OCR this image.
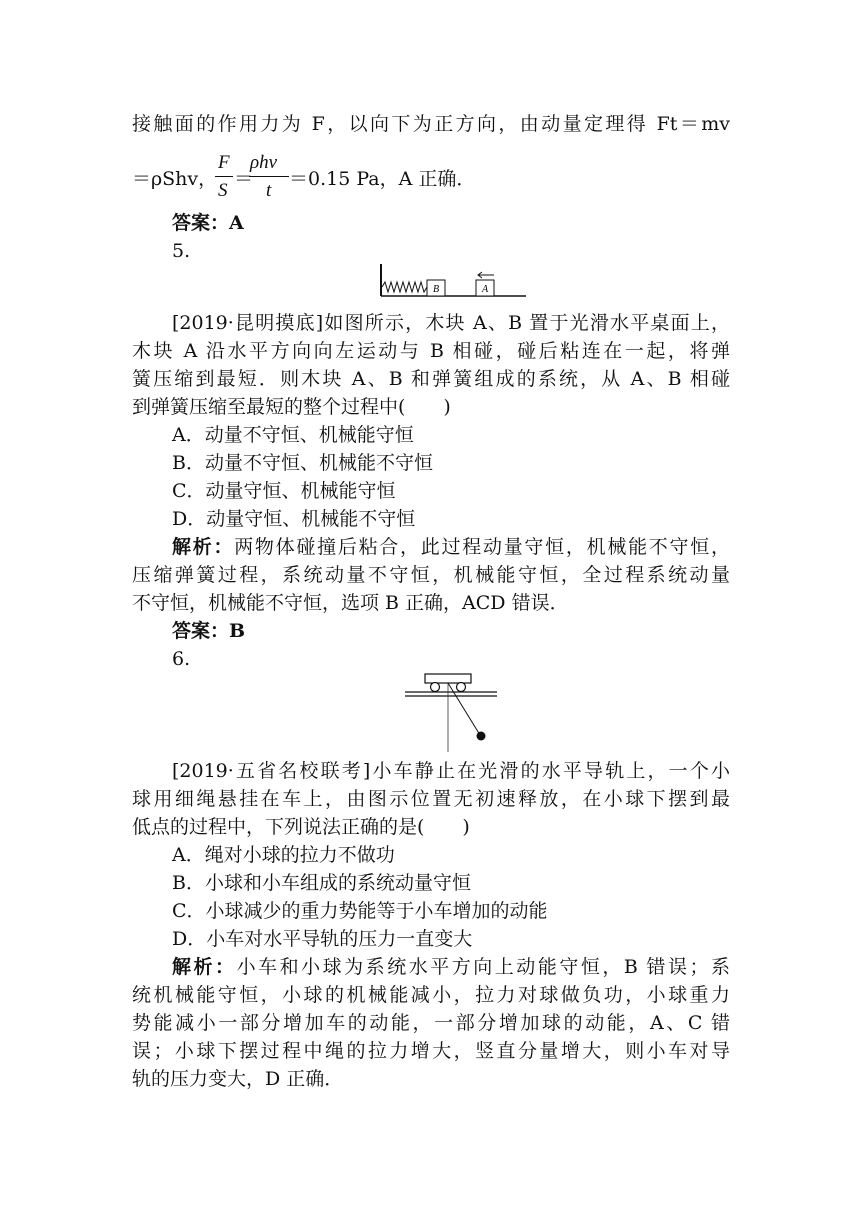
接触面的作用力为 F，以向下为正方向，由动量定理得 Ft＝mv
＝ρShv，
F
S
＝
ρhv
t
＝0.15 Pa，A 正确．
答案：A
5.
B	A
[2019·昆明摸底]如图所示，木块 A、B 置于光滑水平桌面上，
木块 A 沿水平方向向左运动与 B 相碰，碰后粘连在一起，将弹
簧压缩到最短．则木块 A、B 和弹簧组成的系统，从 A、B 相碰
到弹簧压缩至最短的整个过程中(　　)
A．动量不守恒、机械能守恒
B．动量不守恒、机械能不守恒
C．动量守恒、机械能守恒
D．动量守恒、机械能不守恒
解析：两物体碰撞后粘合，此过程动量守恒，机械能不守恒，
压缩弹簧过程，系统动量不守恒，机械能守恒，全过程系统动量
不守恒，机械能不守恒，选项 B 正确，ACD 错误．
答案：B
6.
[2019·五省名校联考]小车静止在光滑的水平导轨上，一个小
球用细绳悬挂在车上，由图示位置无初速释放，在小球下摆到最
低点的过程中，下列说法正确的是(　　)
A．绳对小球的拉力不做功
B．小球和小车组成的系统动量守恒
C．小球减少的重力势能等于小车增加的动能
D．小车对水平导轨的压力一直变大
解析：小车和小球为系统水平方向上动能守恒，B 错误；系
统机械能守恒，小球的机械能减小，拉力对球做负功，小球重力
势能减小一部分增加车的动能，一部分增加球的动能，A、C 错
误；小球下摆过程中绳的拉力增大，竖直分量增大，则小车对导
轨的压力变大，D 正确．
